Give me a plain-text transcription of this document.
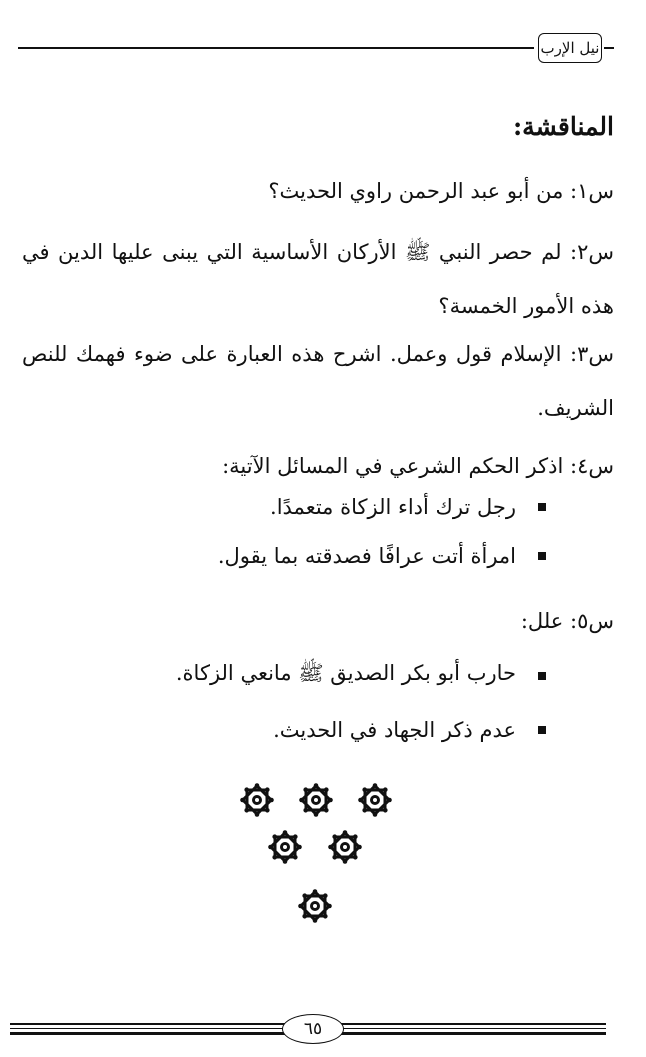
نيل الإرب
المناقشة:
س١: من أبو عبد الرحمن راوي الحديث؟
س٢: لم حصر النبي ﷺ الأركان الأساسية التي يبنى عليها الدين في هذه الأمور الخمسة؟
س٣: الإسلام قول وعمل. اشرح هذه العبارة على ضوء فهمك للنص الشريف.
س٤: اذكر الحكم الشرعي في المسائل الآتية:
رجل ترك أداء الزكاة متعمدًا.
امرأة أتت عرافًا فصدقته بما يقول.
س٥: علل:
حارب أبو بكر الصديق ﷺ مانعي الزكاة.
عدم ذكر الجهاد في الحديث.
٦٥
